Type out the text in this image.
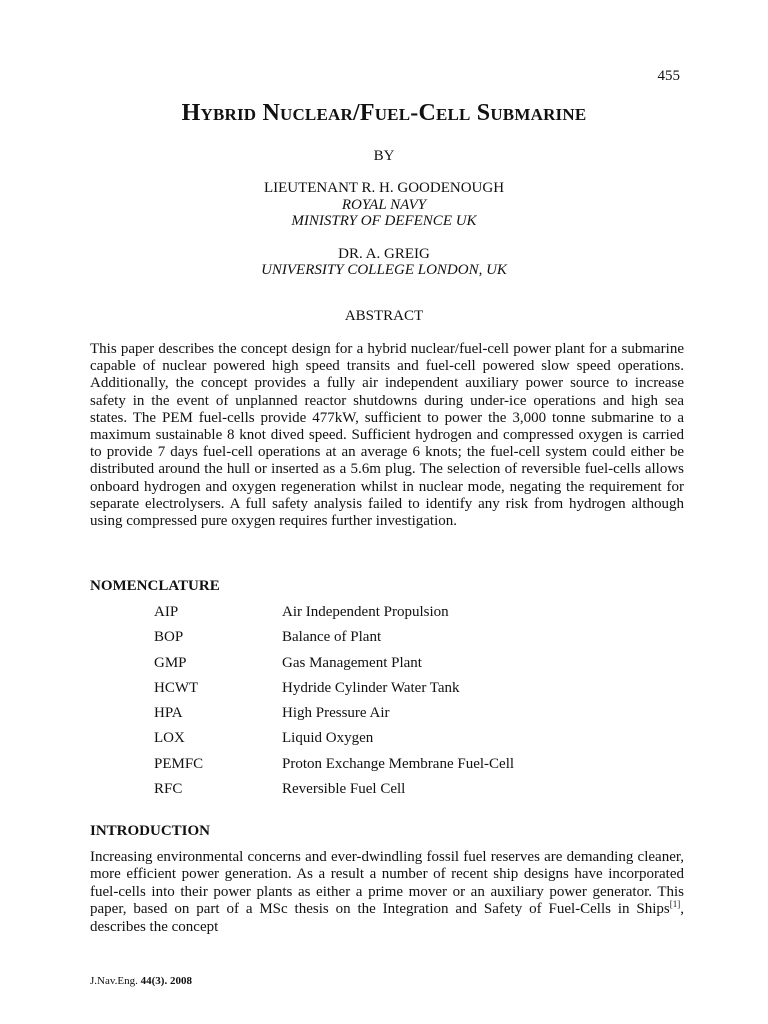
455
Hybrid Nuclear/Fuel-Cell Submarine
BY
LIEUTENANT R. H. GOODENOUGH
ROYAL NAVY
MINISTRY OF DEFENCE UK
DR. A. GREIG
UNIVERSITY COLLEGE LONDON, UK
ABSTRACT
This paper describes the concept design for a hybrid nuclear/fuel-cell power plant for a submarine capable of nuclear powered high speed transits and fuel-cell powered slow speed operations. Additionally, the concept provides a fully air independent auxiliary power source to increase safety in the event of unplanned reactor shutdowns during under-ice operations and high sea states. The PEM fuel-cells provide 477kW, sufficient to power the 3,000 tonne submarine to a maximum sustainable 8 knot dived speed. Sufficient hydrogen and compressed oxygen is carried to provide 7 days fuel-cell operations at an average 6 knots; the fuel-cell system could either be distributed around the hull or inserted as a 5.6m plug. The selection of reversible fuel-cells allows onboard hydrogen and oxygen regeneration whilst in nuclear mode, negating the requirement for separate electrolysers. A full safety analysis failed to identify any risk from hydrogen although using compressed pure oxygen requires further investigation.
NOMENCLATURE
AIP	Air Independent Propulsion
BOP	Balance of Plant
GMP	Gas Management Plant
HCWT	Hydride Cylinder Water Tank
HPA	High Pressure Air
LOX	Liquid Oxygen
PEMFC	Proton Exchange Membrane Fuel-Cell
RFC	Reversible Fuel Cell
INTRODUCTION
Increasing environmental concerns and ever-dwindling fossil fuel reserves are demanding cleaner, more efficient power generation. As a result a number of recent ship designs have incorporated fuel-cells into their power plants as either a prime mover or an auxiliary power generator. This paper, based on part of a MSc thesis on the Integration and Safety of Fuel-Cells in Ships[1], describes the concept
J.Nav.Eng. 44(3). 2008
